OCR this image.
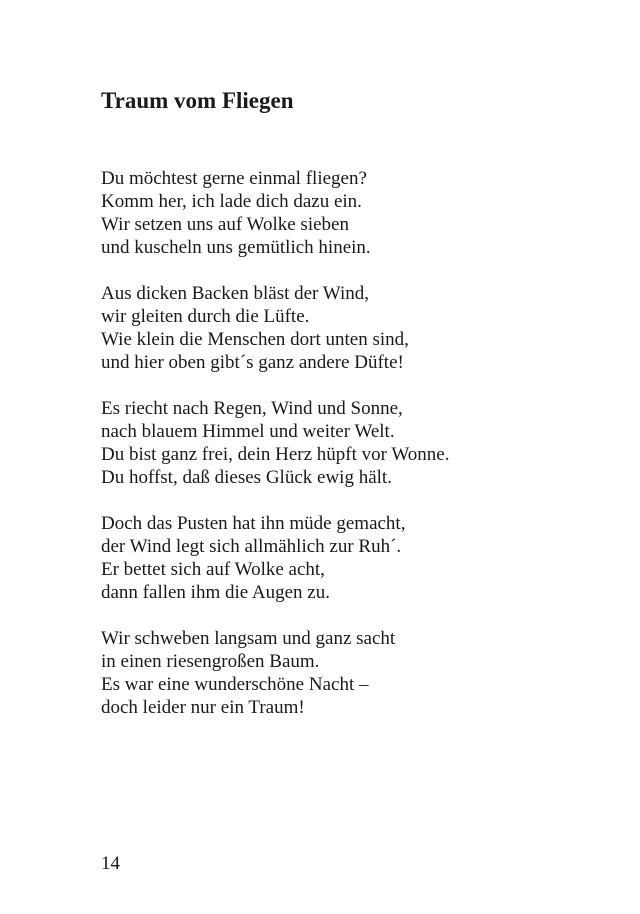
Traum vom Fliegen
Du möchtest gerne einmal fliegen?
Komm her, ich lade dich dazu ein.
Wir setzen uns auf Wolke sieben
und kuscheln uns gemütlich hinein.
Aus dicken Backen bläst der Wind,
wir gleiten durch die Lüfte.
Wie klein die Menschen dort unten sind,
und hier oben gibt´s ganz andere Düfte!
Es riecht nach Regen, Wind und Sonne,
nach blauem Himmel und weiter Welt.
Du bist ganz frei, dein Herz hüpft vor Wonne.
Du hoffst, daß dieses Glück ewig hält.
Doch das Pusten hat ihn müde gemacht,
der Wind legt sich allmählich zur Ruh´.
Er bettet sich auf Wolke acht,
dann fallen ihm die Augen zu.
Wir schweben langsam und ganz sacht
in einen riesengroßen Baum.
Es war eine wunderschöne Nacht –
doch leider nur ein Traum!
14
